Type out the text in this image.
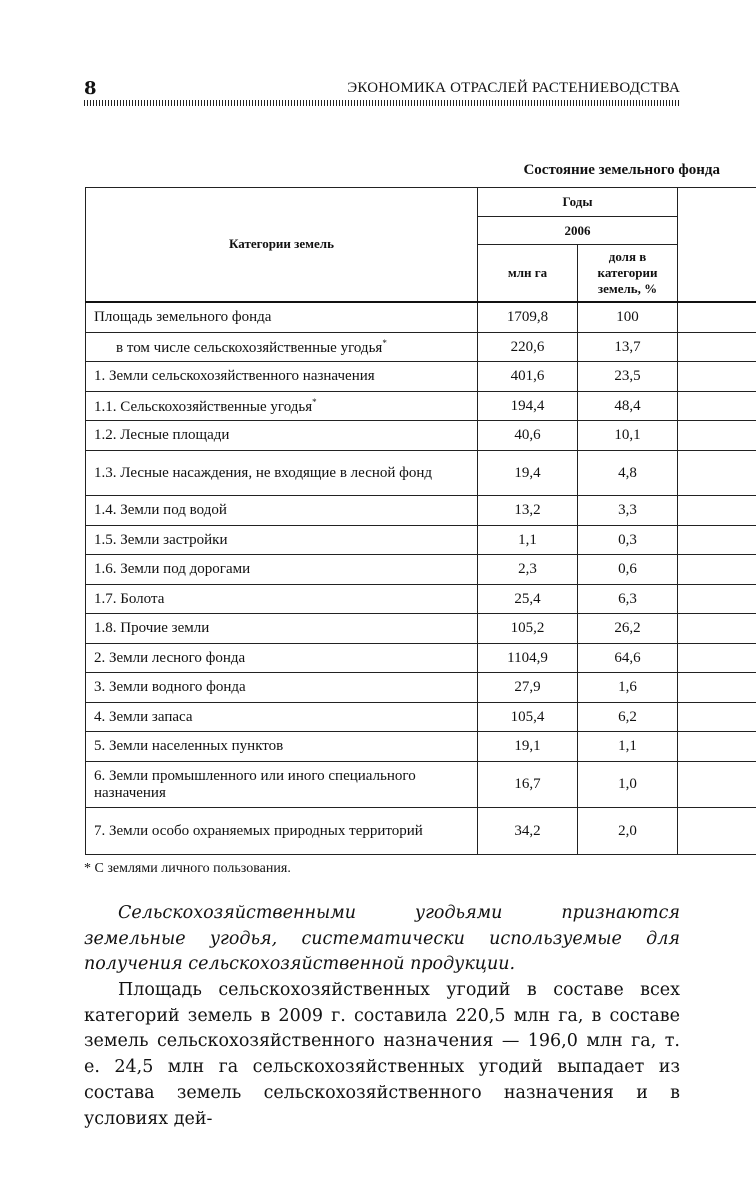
8	ЭКОНОМИКА ОТРАСЛЕЙ РАСТЕНИЕВОДСТВА
Состояние земельного фонда
Категории земель	Годы		
	2006		
	млн га	доля в категории земель, %	
Площадь земельного фонда	1709,8	100	
в том числе сельскохозяйственные угодья*	220,6	13,7	
1. Земли сельскохозяйственного назначения	401,6	23,5	
1.1. Сельскохозяйственные угодья*	194,4	48,4	
1.2. Лесные площади	40,6	10,1	
1.3. Лесные насаждения, не входящие в лесной фонд	19,4	4,8	
1.4. Земли под водой	13,2	3,3	
1.5. Земли застройки	1,1	0,3	
1.6. Земли под дорогами	2,3	0,6	
1.7. Болота	25,4	6,3	
1.8. Прочие земли	105,2	26,2	
2. Земли лесного фонда	1104,9	64,6	
3. Земли водного фонда	27,9	1,6	
4. Земли запаса	105,4	6,2	
5. Земли населенных пунктов	19,1	1,1	
6. Земли промышленного или иного специального назначения	16,7	1,0	
7. Земли особо охраняемых природных территорий	34,2	2,0	
* С землями личного пользования.
Сельскохозяйственными угодьями признаются земельные угодья, систематически используемые для получения сельскохозяйственной продукции.
Площадь сельскохозяйственных угодий в составе всех категорий земель в 2009 г. составила 220,5 млн га, в составе земель сельскохозяйственного назначения — 196,0 млн га, т. е. 24,5 млн га сельскохозяйственных угодий выпадает из состава земель сельскохозяйственного назначения и в условиях дей-
